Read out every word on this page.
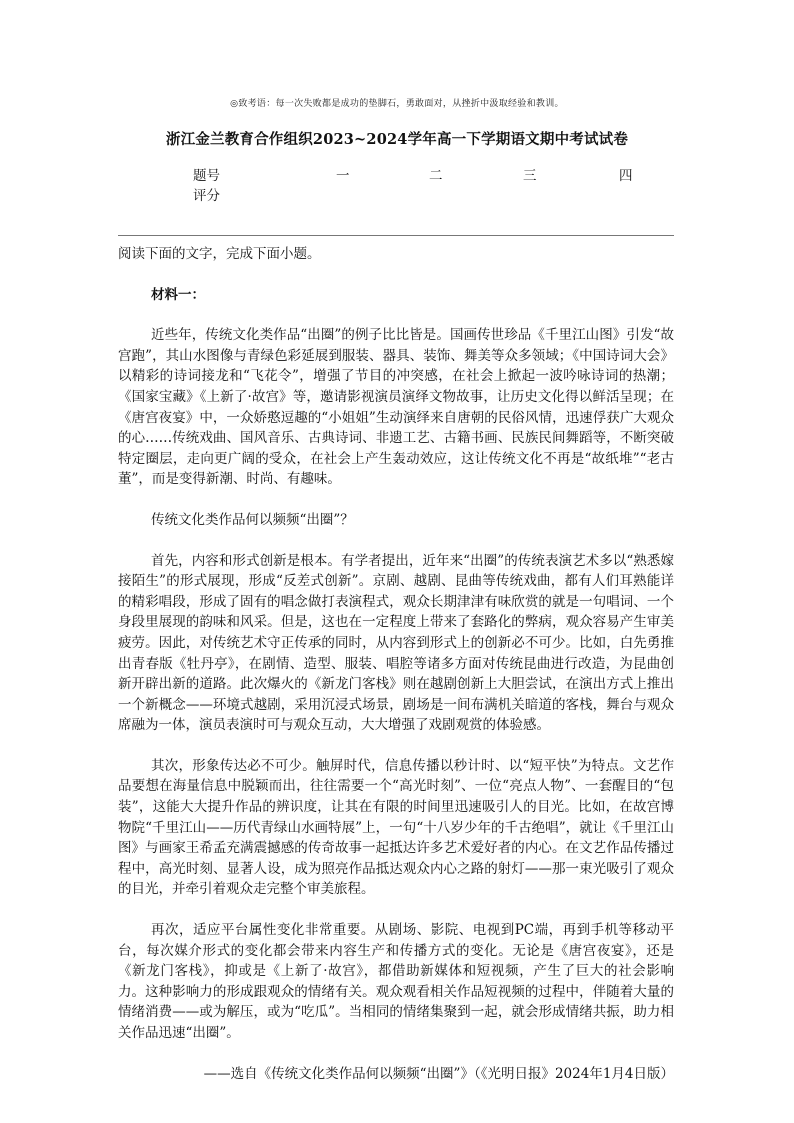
◎致考语：每一次失败都是成功的垫脚石，勇敢面对，从挫折中汲取经验和教训。
浙江金兰教育合作组织2023~2024学年高一下学期语文期中考试试卷
题号	一	二	三	四
评分

阅读下面的文字，完成下面小题。

材料一：

近些年，传统文化类作品“出圈”的例子比比皆是。国画传世珍品《千里江山图》引发“故宫跑”，其山水图像与青绿色彩延展到服装、器具、装饰、舞美等众多领域；《中国诗词大会》以精彩的诗词接龙和“飞花令”，增强了节目的冲突感，在社会上掀起一波吟咏诗词的热潮；《国家宝藏》《上新了·故宫》等，邀请影视演员演绎文物故事，让历史文化得以鲜活呈现；在《唐宫夜宴》中，一众娇憨逗趣的“小姐姐”生动演绎来自唐朝的民俗风情，迅速俘获广大观众的心……传统戏曲、国风音乐、古典诗词、非遗工艺、古籍书画、民族民间舞蹈等，不断突破特定圈层，走向更广阔的受众，在社会上产生轰动效应，这让传统文化不再是“故纸堆”“老古董”，而是变得新潮、时尚、有趣味。

传统文化类作品何以频频“出圈”？

首先，内容和形式创新是根本。有学者提出，近年来“出圈”的传统表演艺术多以“熟悉嫁接陌生”的形式展现，形成“反差式创新”。京剧、越剧、昆曲等传统戏曲，都有人们耳熟能详的精彩唱段，形成了固有的唱念做打表演程式，观众长期津津有味欣赏的就是一句唱词、一个身段里展现的韵味和风采。但是，这也在一定程度上带来了套路化的弊病，观众容易产生审美疲劳。因此，对传统艺术守正传承的同时，从内容到形式上的创新必不可少。比如，白先勇推出青春版《牡丹亭》，在剧情、造型、服装、唱腔等诸多方面对传统昆曲进行改造，为昆曲创新开辟出新的道路。此次爆火的《新龙门客栈》则在越剧创新上大胆尝试，在演出方式上推出一个新概念——环境式越剧，采用沉浸式场景，剧场是一间布满机关暗道的客栈，舞台与观众席融为一体，演员表演时可与观众互动，大大增强了戏剧观赏的体验感。

其次，形象传达必不可少。触屏时代，信息传播以秒计时、以“短平快”为特点。文艺作品要想在海量信息中脱颖而出，往往需要一个“高光时刻”、一位“亮点人物”、一套醒目的“包装”，这能大大提升作品的辨识度，让其在有限的时间里迅速吸引人的目光。比如，在故宫博物院“千里江山——历代青绿山水画特展”上，一句“十八岁少年的千古绝唱”，就让《千里江山图》与画家王希孟充满震撼感的传奇故事一起抵达许多艺术爱好者的内心。在文艺作品传播过程中，高光时刻、显著人设，成为照亮作品抵达观众内心之路的射灯——那一束光吸引了观众的目光，并牵引着观众走完整个审美旅程。

再次，适应平台属性变化非常重要。从剧场、影院、电视到PC端，再到手机等移动平台，每次媒介形式的变化都会带来内容生产和传播方式的变化。无论是《唐宫夜宴》，还是《新龙门客栈》，抑或是《上新了·故宫》，都借助新媒体和短视频，产生了巨大的社会影响力。这种影响力的形成跟观众的情绪有关。观众观看相关作品短视频的过程中，伴随着大量的情绪消费——或为解压，或为“吃瓜”。当相同的情绪集聚到一起，就会形成情绪共振，助力相关作品迅速“出圈”。

——选自《传统文化类作品何以频频“出圈”》（《光明日报》2024年1月4日版）
